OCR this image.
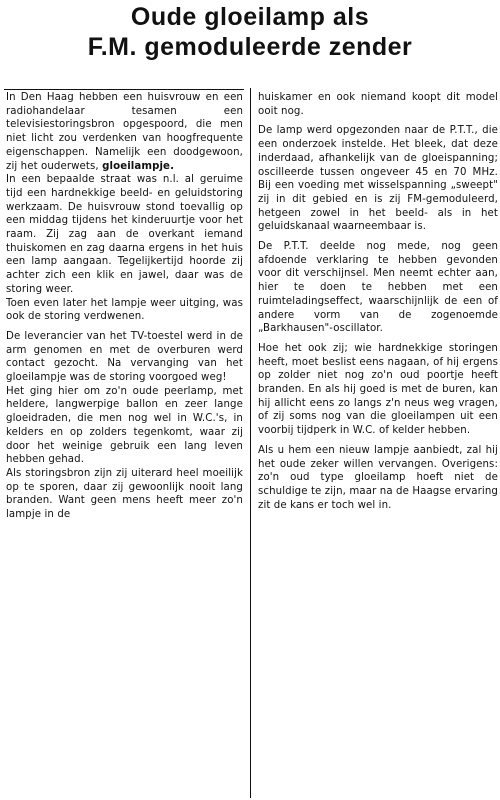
Oude gloeilamp als
F.M. gemoduleerde zender

In Den Haag hebben een huisvrouw en een radiohandelaar tesamen een televisiestoringsbron opgespoord, die men niet licht zou verdenken van hoogfrequente eigenschappen. Namelijk een doodgewoon, zij het ouderwets, gloeilampje.

In een bepaalde straat was n.l. al geruime tijd een hardnekkige beeld- en geluidstoring werkzaam. De huisvrouw stond toevallig op een middag tijdens het kinderuurtje voor het raam. Zij zag aan de overkant iemand thuiskomen en zag daarna ergens in het huis een lamp aangaan. Tegelijkertijd hoorde zij achter zich een klik en jawel, daar was de storing weer.

Toen even later het lampje weer uitging, was ook de storing verdwenen.

De leverancier van het TV-toestel werd in de arm genomen en met de overburen werd contact gezocht. Na vervanging van het gloeilampje was de storing voorgoed weg!

Het ging hier om zo'n oude peerlamp, met heldere, langwerpige ballon en zeer lange gloeidraden, die men nog wel in W.C.'s, in kelders en op zolders tegenkomt, waar zij door het weinige gebruik een lang leven hebben gehad.

Als storingsbron zijn zij uiterard heel moeilijk op te sporen, daar zij gewoonlijk nooit lang branden. Want geen mens heeft meer zo'n lampje in de

huiskamer en ook niemand koopt dit model ooit nog.

De lamp werd opgezonden naar de P.T.T., die een onderzoek instelde. Het bleek, dat deze inderdaad, afhankelijk van de gloeispanning; oscilleerde tussen ongeveer 45 en 70 MHz. Bij een voeding met wisselspanning „sweept" zij in dit gebied en is zij FM-gemoduleerd, hetgeen zowel in het beeld- als in het geluidskanaal waarneembaar is.

De P.T.T. deelde nog mede, nog geen afdoende verklaring te hebben gevonden voor dit verschijnsel. Men neemt echter aan, hier te doen te hebben met een ruimteladingseffect, waarschijnlijk de een of andere vorm van de zogenoemde „Barkhausen"-oscillator.

Hoe het ook zij; wie hardnekkige storingen heeft, moet beslist eens nagaan, of hij ergens op zolder niet nog zo'n oud poortje heeft branden. En als hij goed is met de buren, kan hij allicht eens zo langs z'n neus weg vragen, of zij soms nog van die gloeilampen uit een voorbij tijdperk in W.C. of kelder hebben.

Als u hem een nieuw lampje aanbiedt, zal hij het oude zeker willen vervangen. Overigens: zo'n oud type gloeilamp hoeft niet de schuldige te zijn, maar na de Haagse ervaring zit de kans er toch wel in.
